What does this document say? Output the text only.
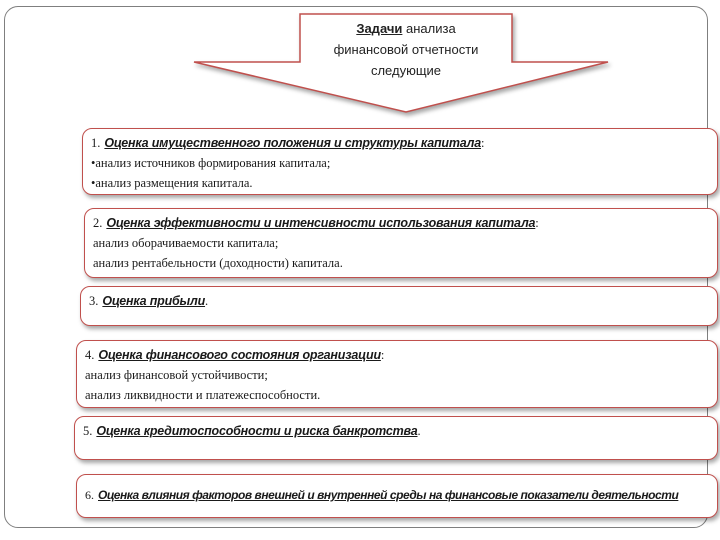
Задачи анализа
финансовой отчетности
следующие
1. Оценка имущественного положения и структуры капитала:
•анализ источников формирования капитала;
•анализ размещения капитала.
2. Оценка эффективности и интенсивности использования капитала:
анализ оборачиваемости капитала;
анализ рентабельности (доходности) капитала.
3. Оценка прибыли.
4. Оценка финансового состояния организации:
анализ финансовой устойчивости;
анализ ликвидности и платежеспособности.
5. Оценка кредитоспособности и риска банкротства.
6. Оценка влияния факторов внешней и внутренней среды на финансовые показатели деятельности
